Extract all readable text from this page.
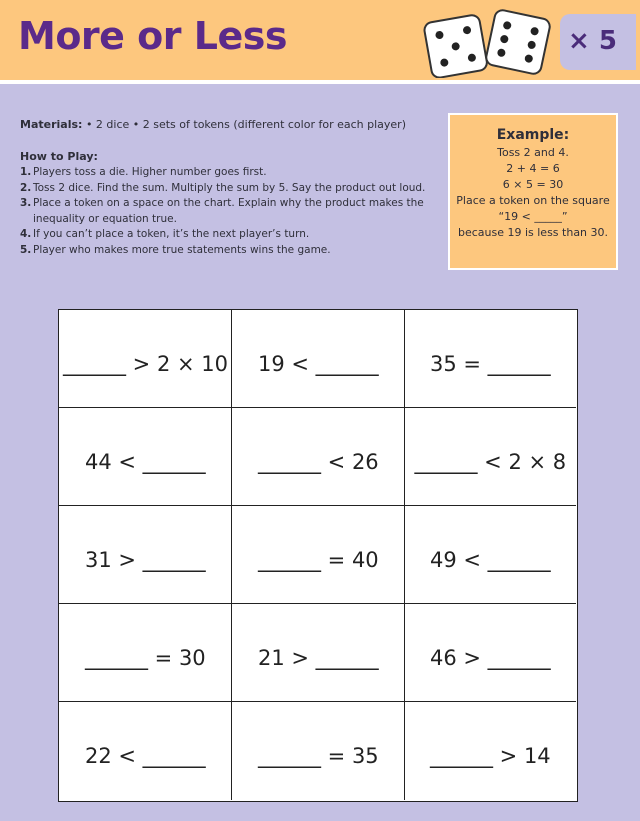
More or Less	× 5
Materials: • 2 dice • 2 sets of tokens (different color for each player)
How to Play:
1. Players toss a die. Higher number goes first.
2. Toss 2 dice. Find the sum. Multiply the sum by 5. Say the product out loud.
3. Place a token on a space on the chart. Explain why the product makes the inequality or equation true.
4. If you can’t place a token, it’s the next player’s turn.
5. Player who makes more true statements wins the game.
Example:
Toss 2 and 4.
2 + 4 = 6
6 × 5 = 30
Place a token on the square
“19 < _____”
because 19 is less than 30.
______ > 2 × 10 19 < ______ 35 = ______
44 < ______ ______ < 26 ______ < 2 × 8
31 > ______ ______ = 40 49 < ______
______ = 30 21 > ______ 46 > ______
22 < ______ ______ = 35 ______ > 14
